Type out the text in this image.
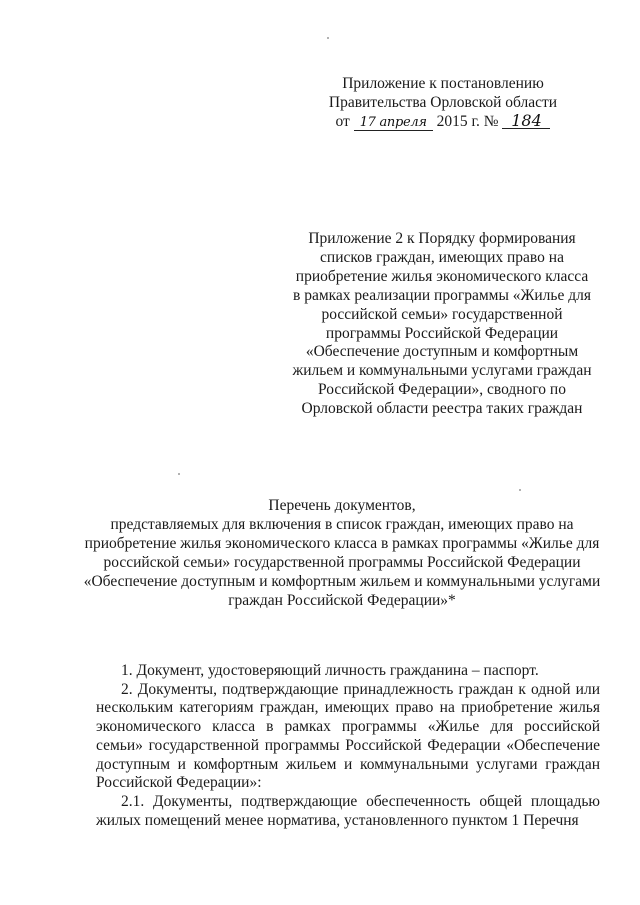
Приложение к постановлению
Правительства Орловской области
от 17 апреля 2015 г. № 184
Приложение 2 к Порядку формирования
списков граждан, имеющих право на
приобретение жилья экономического класса
в рамках реализации программы «Жилье для
российской семьи» государственной
программы Российской Федерации
«Обеспечение доступным и комфортным
жильем и коммунальными услугами граждан
Российской Федерации», сводного по
Орловской области реестра таких граждан
Перечень документов,
представляемых для включения в список граждан, имеющих право на
приобретение жилья экономического класса в рамках программы «Жилье для
российской семьи» государственной программы Российской Федерации
«Обеспечение доступным и комфортным жильем и коммунальными услугами
граждан Российской Федерации»*

1. Документ, удостоверяющий личность гражданина – паспорт.

2. Документы, подтверждающие принадлежность граждан к одной или нескольким категориям граждан, имеющих право на приобретение жилья экономического класса в рамках программы «Жилье для российской семьи» государственной программы Российской Федерации «Обеспечение доступным и комфортным жильем и коммунальными услугами граждан Российской Федерации»:

2.1. Документы, подтверждающие обеспеченность общей площадью жилых помещений менее норматива, установленного пунктом 1 Перечня
